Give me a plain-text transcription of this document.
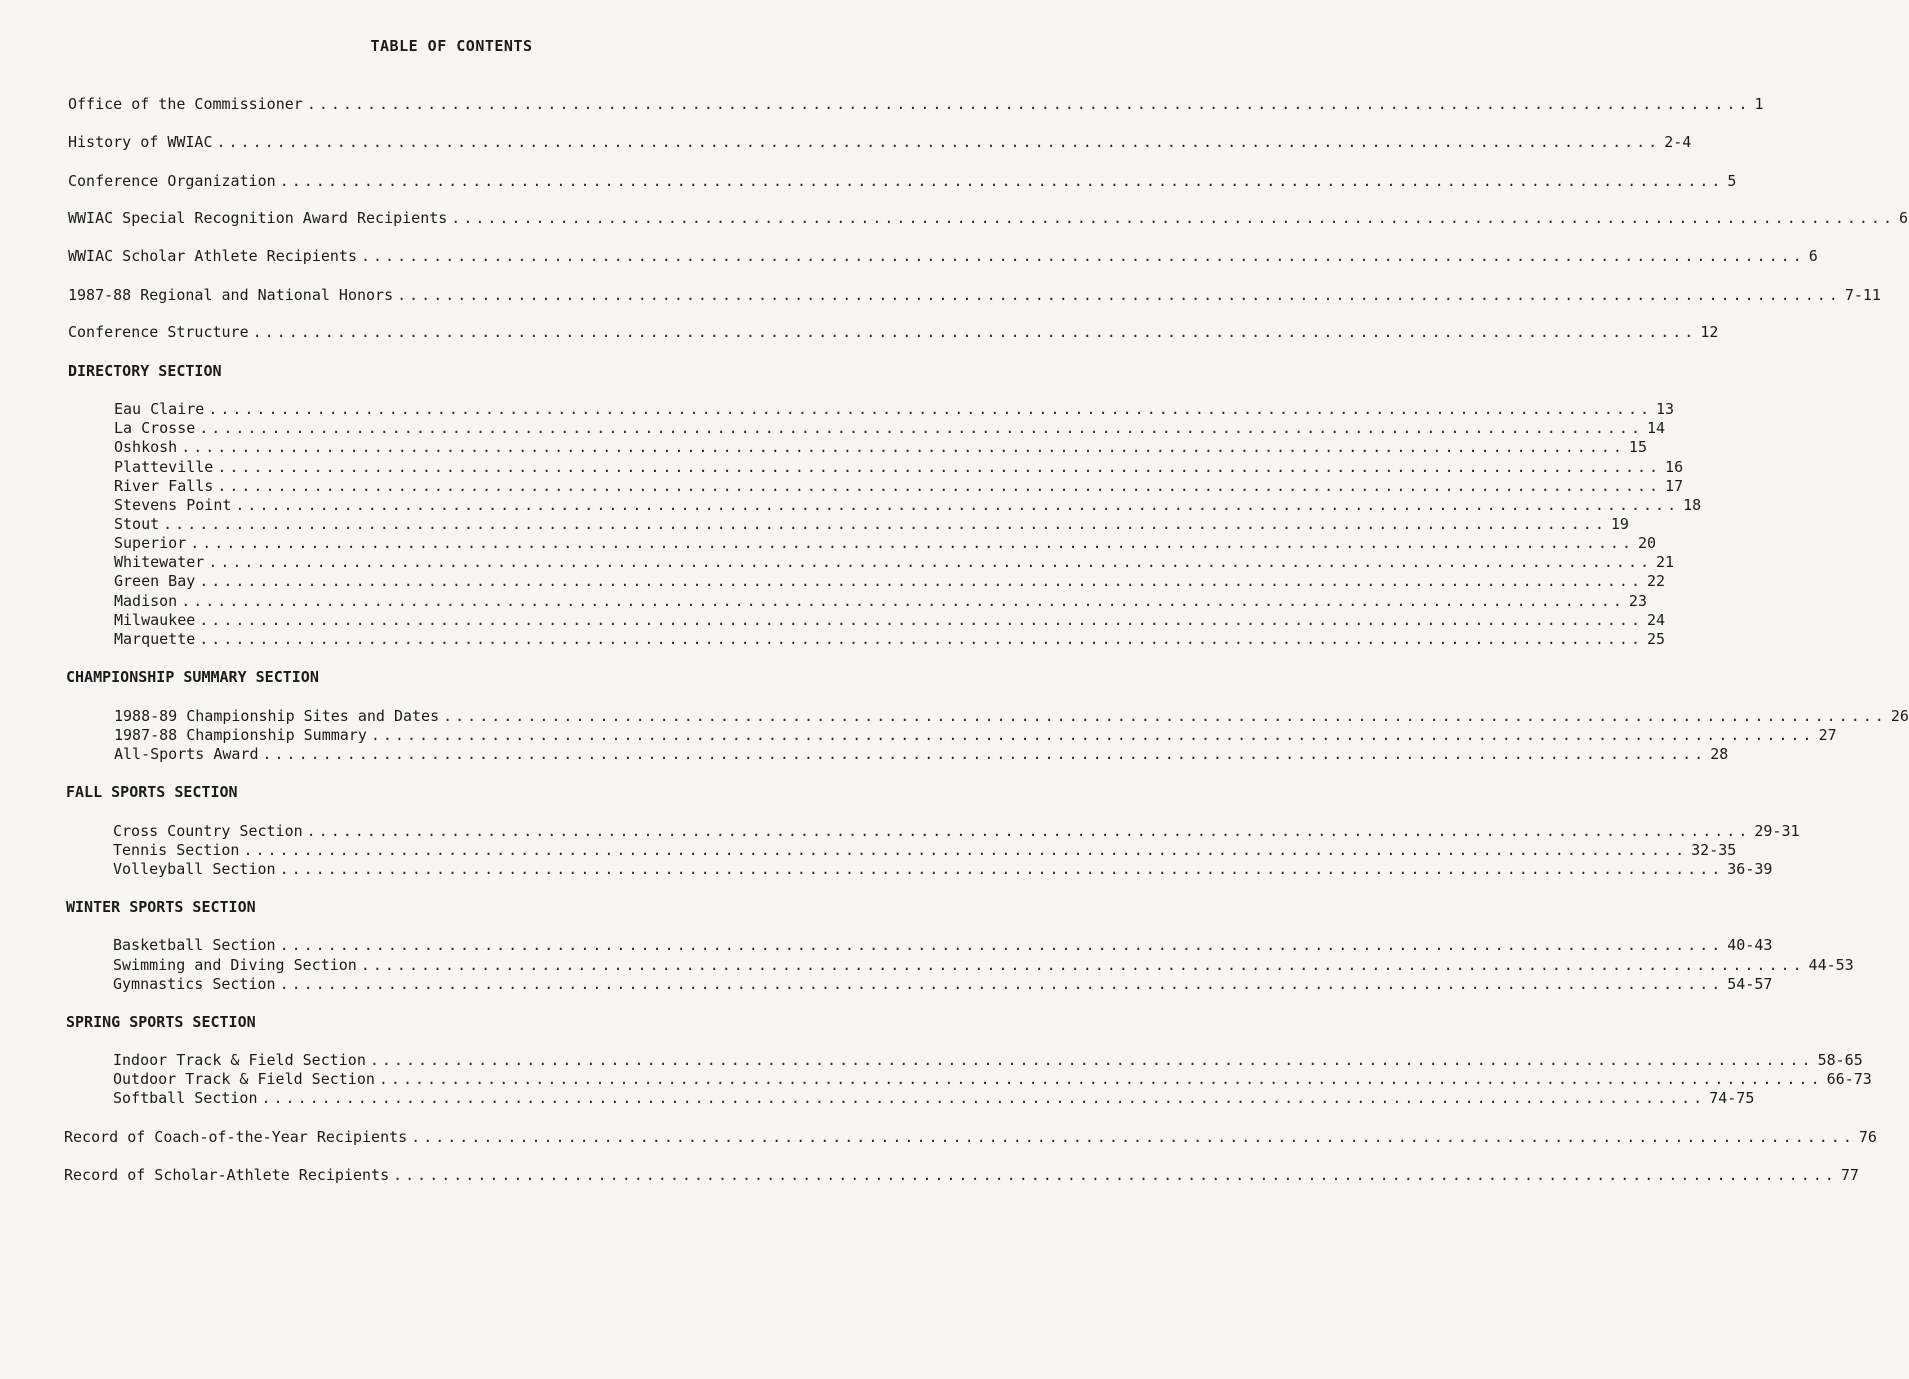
TABLE OF CONTENTS
Office of the Commissioner ........................................................................................................................ 1
History of WWIAC ........................................................................................................................ 2-4
Conference Organization ........................................................................................................................ 5
WWIAC Special Recognition Award Recipients ........................................................................................................................ 6
WWIAC Scholar Athlete Recipients ........................................................................................................................ 6
1987-88 Regional and National Honors ........................................................................................................................ 7-11
Conference Structure ........................................................................................................................ 12
DIRECTORY SECTION
Eau Claire ........................................................................................................................ 13
La Crosse ........................................................................................................................ 14
Oshkosh ........................................................................................................................ 15
Platteville ........................................................................................................................ 16
River Falls ........................................................................................................................ 17
Stevens Point ........................................................................................................................ 18
Stout ........................................................................................................................ 19
Superior ........................................................................................................................ 20
Whitewater ........................................................................................................................ 21
Green Bay ........................................................................................................................ 22
Madison ........................................................................................................................ 23
Milwaukee ........................................................................................................................ 24
Marquette ........................................................................................................................ 25
CHAMPIONSHIP SUMMARY SECTION
1988-89 Championship Sites and Dates ........................................................................................................................ 26
1987-88 Championship Summary ........................................................................................................................ 27
All-Sports Award ........................................................................................................................ 28
FALL SPORTS SECTION
Cross Country Section ........................................................................................................................ 29-31
Tennis Section ........................................................................................................................ 32-35
Volleyball Section ........................................................................................................................ 36-39
WINTER SPORTS SECTION
Basketball Section ........................................................................................................................ 40-43
Swimming and Diving Section ........................................................................................................................ 44-53
Gymnastics Section ........................................................................................................................ 54-57
SPRING SPORTS SECTION
Indoor Track & Field Section ........................................................................................................................ 58-65
Outdoor Track & Field Section ........................................................................................................................ 66-73
Softball Section ........................................................................................................................ 74-75
Record of Coach-of-the-Year Recipients ........................................................................................................................ 76
Record of Scholar-Athlete Recipients ........................................................................................................................ 77
